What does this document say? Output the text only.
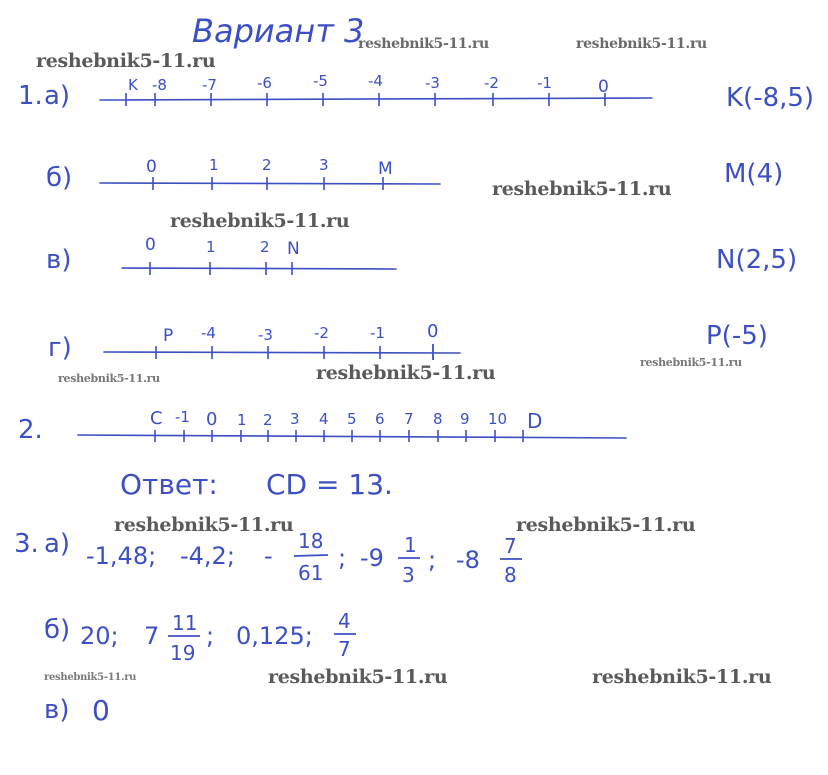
Вариант 3
1. а)	K -8 -7	-6	-5	-4	-3	-2	-1	0	K(-8,5)
б)	0	1	2	3	M	M(4)
в)	0	1	2 N	N(2,5)
г)	P -4	-3	-2	-1 0	P(-5)
2.	C -1 0 1 2 3 4 5 6 7 8 9 10 D
Ответ: CD = 13.
3. а) -1,48; -4,2; -
18
61
; -9 1
3
; -8 7
8
б) 20; 7 11
19
; 0,125;
4
7
в) 0
reshebnik5-11.ru	reshebnik5-11.ru
reshebnik5-11.ru
reshebnik5-11.ru
reshebnik5-11.ru
reshebnik5-11.ru	reshebnik5-11.ru	reshebnik5-11.ru
reshebnik5-11.ru	reshebnik5-11.ru
reshebnik5-11.ru	reshebnik5-11.ru	reshebnik5-11.ru
